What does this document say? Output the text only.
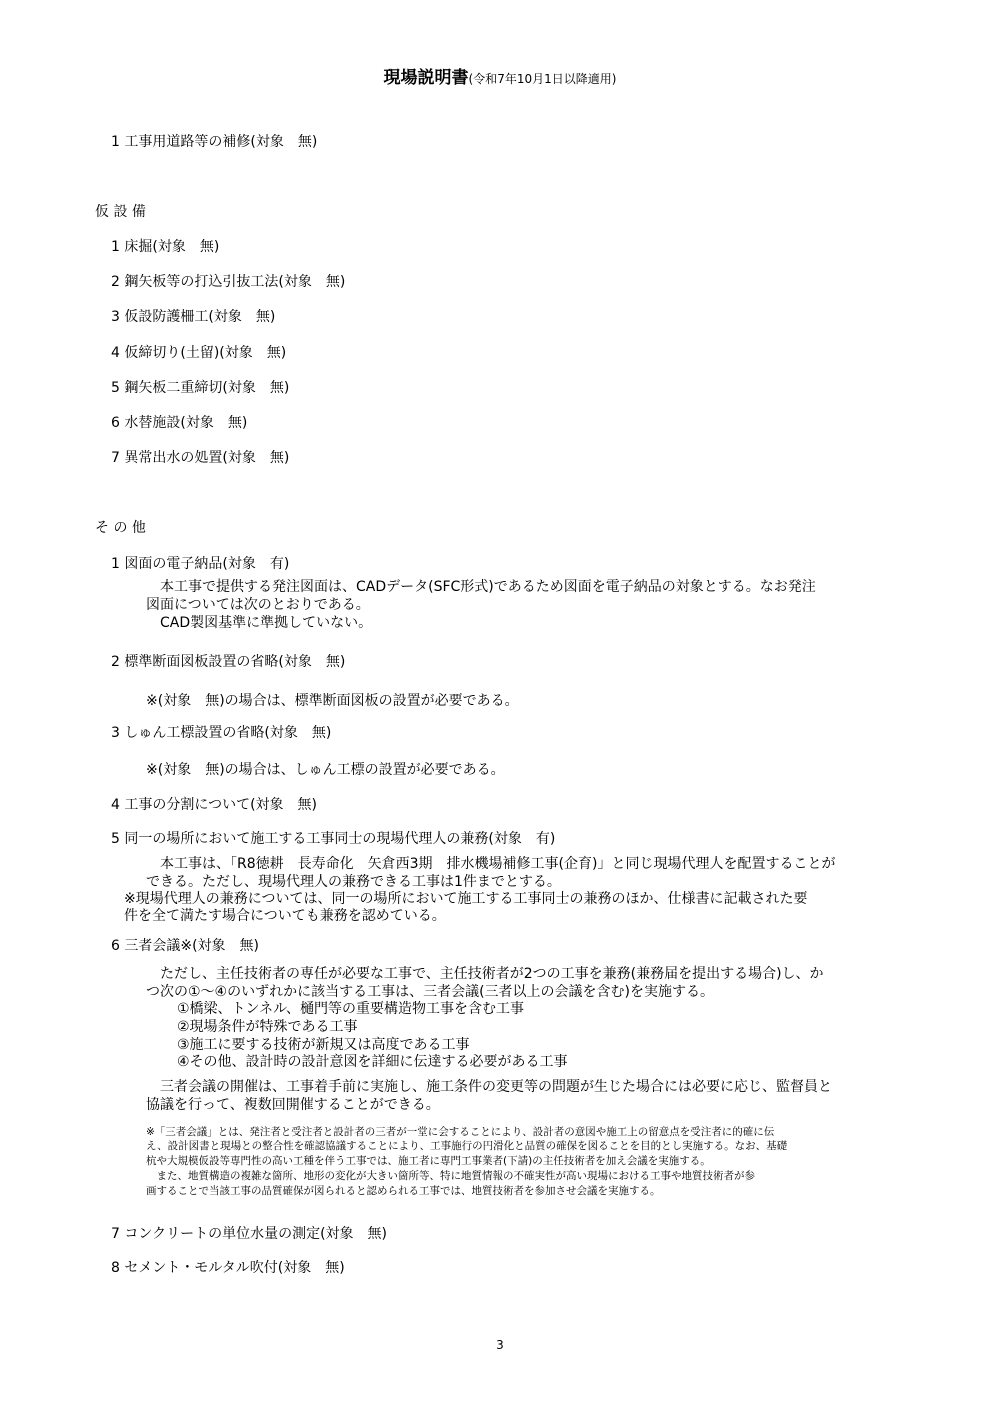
現場説明書(令和7年10月1日以降適用)
1 工事用道路等の補修(対象　無)
仮 設 備
1 床掘(対象　無)
2 鋼矢板等の打込引抜工法(対象　無)
3 仮設防護柵工(対象　無)
4 仮締切り(土留)(対象　無)
5 鋼矢板二重締切(対象　無)
6 水替施設(対象　無)
7 異常出水の処置(対象　無)
そ の 他
1 図面の電子納品(対象　有)
　本工事で提供する発注図面は、CADデータ(SFC形式)であるため図面を電子納品の対象とする。なお発注
図面については次のとおりである。
　CAD製図基準に準拠していない。
2 標準断面図板設置の省略(対象　無)
※(対象　無)の場合は、標準断面図板の設置が必要である。
3 しゅん工標設置の省略(対象　無)
※(対象　無)の場合は、しゅん工標の設置が必要である。
4 工事の分割について(対象　無)
5 同一の場所において施工する工事同士の現場代理人の兼務(対象　有)
　本工事は、「R8徳耕　長寿命化　矢倉西3期　排水機場補修工事(企育)」と同じ現場代理人を配置することが
できる。ただし、現場代理人の兼務できる工事は1件までとする。
※現場代理人の兼務については、同一の場所において施工する工事同士の兼務のほか、仕様書に記載された要
件を全て満たす場合についても兼務を認めている。
6 三者会議※(対象　無)
　ただし、主任技術者の専任が必要な工事で、主任技術者が2つの工事を兼務(兼務届を提出する場合)し、か
つ次の①～④のいずれかに該当する工事は、三者会議(三者以上の会議を含む)を実施する。
①橋梁、トンネル、樋門等の重要構造物工事を含む工事
②現場条件が特殊である工事
③施工に要する技術が新規又は高度である工事
④その他、設計時の設計意図を詳細に伝達する必要がある工事
　三者会議の開催は、工事着手前に実施し、施工条件の変更等の問題が生じた場合には必要に応じ、監督員と
協議を行って、複数回開催することができる。
※「三者会議」とは、発注者と受注者と設計者の三者が一堂に会することにより、設計者の意図や施工上の留意点を受注者に的確に伝
え、設計図書と現場との整合性を確認協議することにより、工事施行の円滑化と品質の確保を図ることを目的とし実施する。なお、基礎
杭や大規模仮設等専門性の高い工種を伴う工事では、施工者に専門工事業者(下請)の主任技術者を加え会議を実施する。
　また、地質構造の複雑な箇所、地形の変化が大きい箇所等、特に地質情報の不確実性が高い現場における工事や地質技術者が参
画することで当該工事の品質確保が図られると認められる工事では、地質技術者を参加させ会議を実施する。
7 コンクリートの単位水量の測定(対象　無)
8 セメント・モルタル吹付(対象　無)
3
